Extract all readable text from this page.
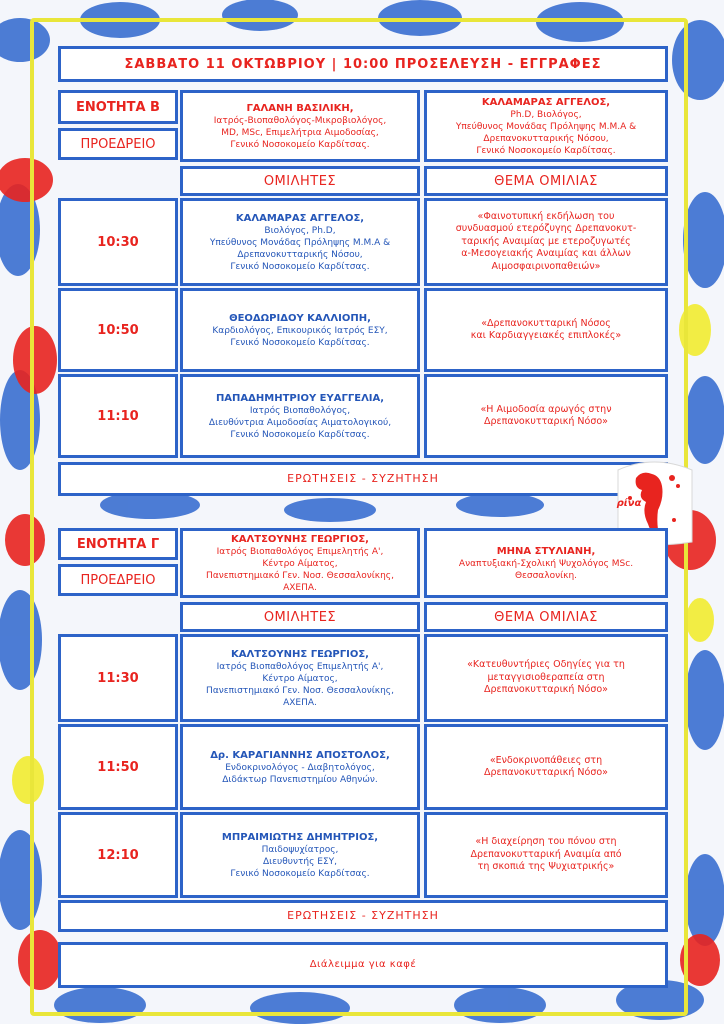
ΣΑΒΒΑΤΟ 11 ΟΚΤΩΒΡΙΟΥ | 10:00 ΠΡΟΣΕΛΕΥΣΗ - ΕΓΓΡΑΦΕΣ
ΕΝΟΤΗΤΑ Β
ΠΡΟΕΔΡΕΙΟ
ΓΑΛΑΝΗ ΒΑΣΙΛΙΚΗ,
Ιατρός-Βιοπαθολόγος-Μικροβιολόγος,
MD, MSc, Επιμελήτρια Αιμοδοσίας,
Γενικό Νοσοκομείο Καρδίτσας.
ΚΑΛΑΜΑΡΑΣ ΑΓΓΕΛΟΣ,
Ph.D, Βιολόγος,
Υπεύθυνος Μονάδας Πρόληψης Μ.Μ.Α &
Δρεπανοκυτταρικής Νόσου,
Γενικό Νοσοκομείο Καρδίτσας.
ΟΜΙΛΗΤΕΣ	ΘΕΜΑ ΟΜΙΛΙΑΣ
10:30
ΚΑΛΑΜΑΡΑΣ ΑΓΓΕΛΟΣ,
Βιολόγος, Ph.D,
Υπεύθυνος Μονάδας Πρόληψης Μ.Μ.Α &
Δρεπανοκυτταρικής Νόσου,
Γενικό Νοσοκομείο Καρδίτσας.
«Φαινοτυπική εκδήλωση του
συνδυασμού ετερόζυγης Δρεπανοκυτ-
ταρικής Αναιμίας με ετεροζυγωτές
α-Μεσογειακής Αναιμίας και άλλων
Αιμοσφαιρινοπαθειών»
10:50
ΘΕΟΔΩΡΙΔΟΥ ΚΑΛΛΙΟΠΗ,
Καρδιολόγος, Επικουρικός Ιατρός ΕΣΥ,
Γενικό Νοσοκομείο Καρδίτσας.
«Δρεπανοκυτταρική Νόσος
και Καρδιαγγειακές επιπλοκές»
11:10
ΠΑΠΑΔΗΜΗΤΡΙΟΥ ΕΥΑΓΓΕΛΙΑ,
Ιατρός Βιοπαθολόγος,
Διευθύντρια Αιμοδοσίας Αιματολογικού,
Γενικό Νοσοκομείο Καρδίτσας.
«Η Αιμοδοσία αρωγός στην
Δρεπανοκυτταρική Νόσο»
ΕΡΩΤΗΣΕΙΣ - ΣΥΖΗΤΗΣΗ
ρίνα
ΕΝΟΤΗΤΑ Γ
ΠΡΟΕΔΡΕΙΟ
ΚΑΛΤΣΟΥΝΗΣ ΓΕΩΡΓΙΟΣ,
Ιατρός Βιοπαθολόγος Επιμελητής Α',
Κέντρο Αίματος,
Πανεπιστημιακό Γεν. Νοσ. Θεσσαλονίκης,
ΑΧΕΠΑ.
ΜΗΝΑ ΣΤΥΛΙΑΝΗ,
Αναπτυξιακή-Σχολική Ψυχολόγος MSc.
Θεσσαλονίκη.
ΟΜΙΛΗΤΕΣ	ΘΕΜΑ ΟΜΙΛΙΑΣ
11:30
ΚΑΛΤΣΟΥΝΗΣ ΓΕΩΡΓΙΟΣ,
Ιατρός Βιοπαθολόγος Επιμελητής Α',
Κέντρο Αίματος,
Πανεπιστημιακό Γεν. Νοσ. Θεσσαλονίκης,
ΑΧΕΠΑ.
«Κατευθυντήριες Οδηγίες για τη
μεταγγισιοθεραπεία στη
Δρεπανοκυτταρική Νόσο»
11:50
Δρ. ΚΑΡΑΓΙΑΝΝΗΣ ΑΠΟΣΤΟΛΟΣ,
Ενδοκρινολόγος - Διαβητολόγος,
Διδάκτωρ Πανεπιστημίου Αθηνών.
«Ενδοκρινοπάθειες στη
Δρεπανοκυτταρική Νόσο»
12:10
ΜΠΡΑΙΜΙΩΤΗΣ ΔΗΜΗΤΡΙΟΣ,
Παιδοψυχίατρος,
Διευθυντής ΕΣΥ,
Γενικό Νοσοκομείο Καρδίτσας.
«Η διαχείρηση του πόνου στη
Δρεπανοκυτταρική Αναιμία από
τη σκοπιά της Ψυχιατρικής»
ΕΡΩΤΗΣΕΙΣ - ΣΥΖΗΤΗΣΗ
Διάλειμμα για καφέ
